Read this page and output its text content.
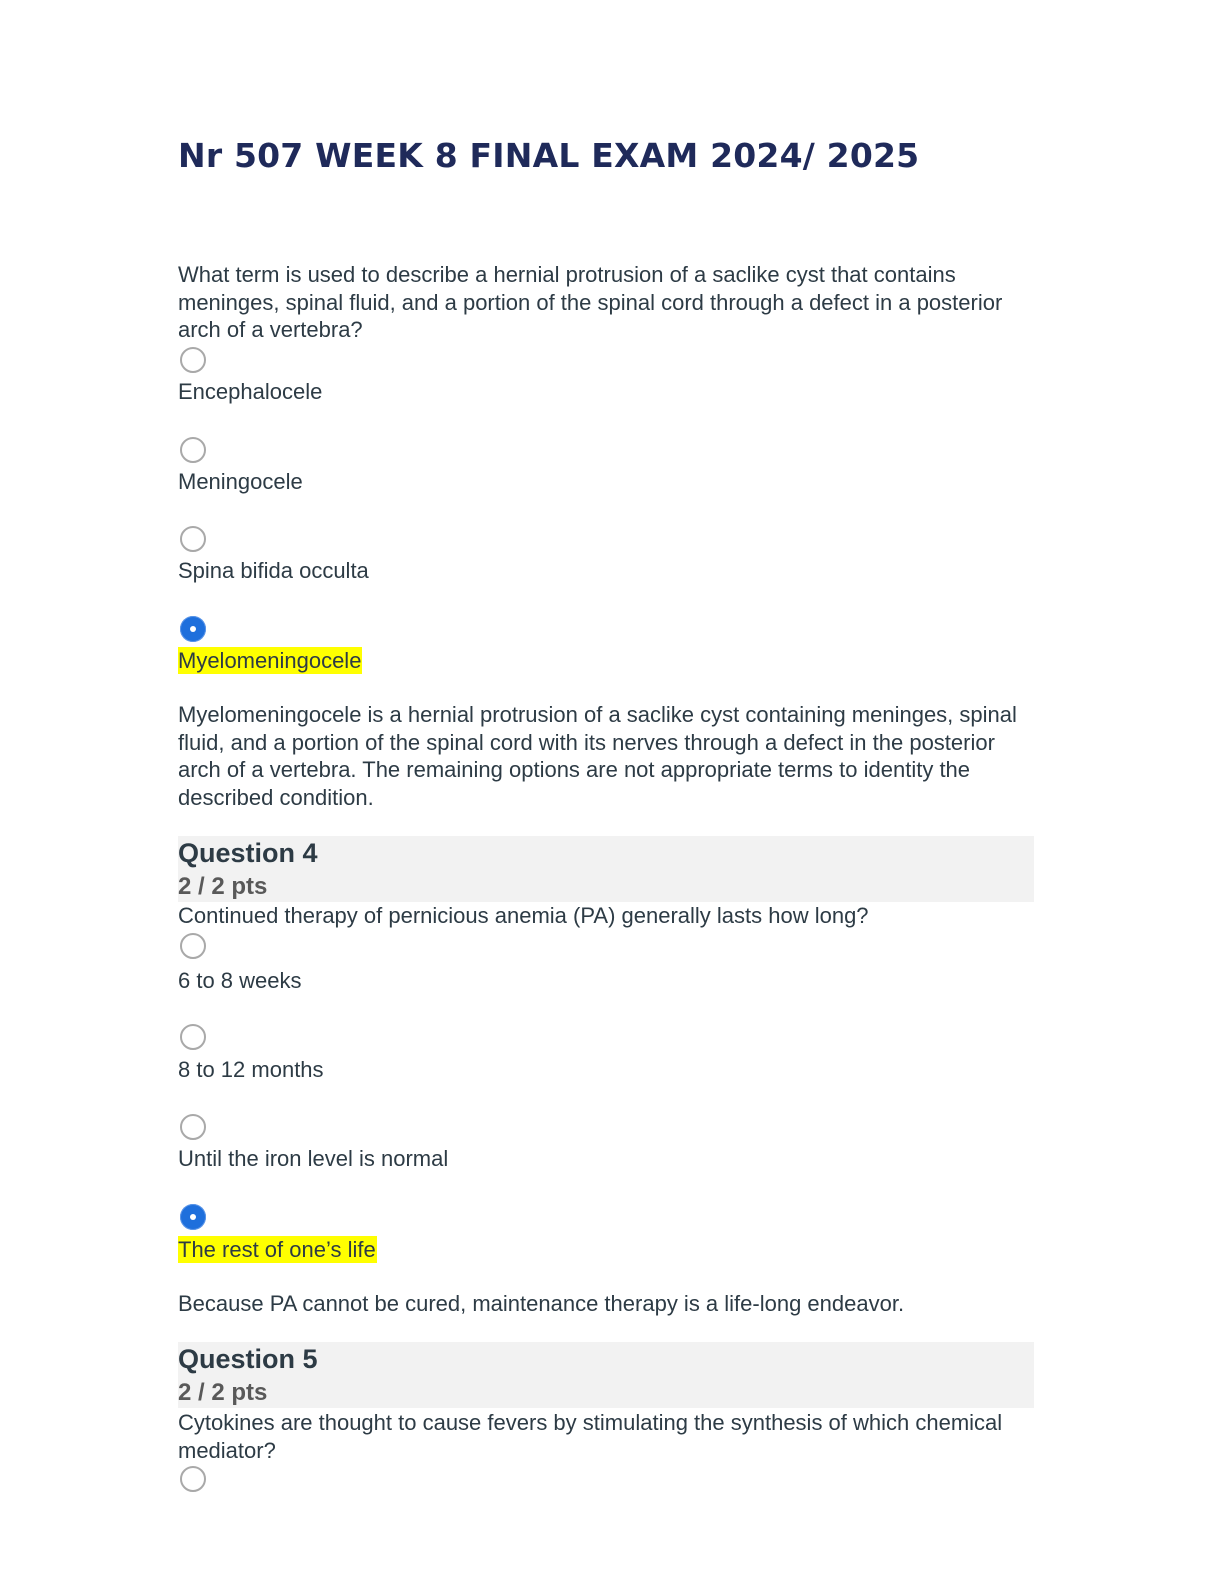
Nr 507 WEEK 8 FINAL EXAM 2024/ 2025
What term is used to describe a hernial protrusion of a saclike cyst that contains meninges, spinal fluid, and a portion of the spinal cord through a defect in a posterior arch of a vertebra?
Encephalocele
Meningocele
Spina bifida occulta
Myelomeningocele
Myelomeningocele is a hernial protrusion of a saclike cyst containing meninges, spinal fluid, and a portion of the spinal cord with its nerves through a defect in the posterior arch of a vertebra. The remaining options are not appropriate terms to identity the described condition.
Question 4
2 / 2 pts
Continued therapy of pernicious anemia (PA) generally lasts how long?
6 to 8 weeks
8 to 12 months
Until the iron level is normal
The rest of one’s life
Because PA cannot be cured, maintenance therapy is a life-long endeavor.
Question 5
2 / 2 pts
Cytokines are thought to cause fevers by stimulating the synthesis of which chemical mediator?
